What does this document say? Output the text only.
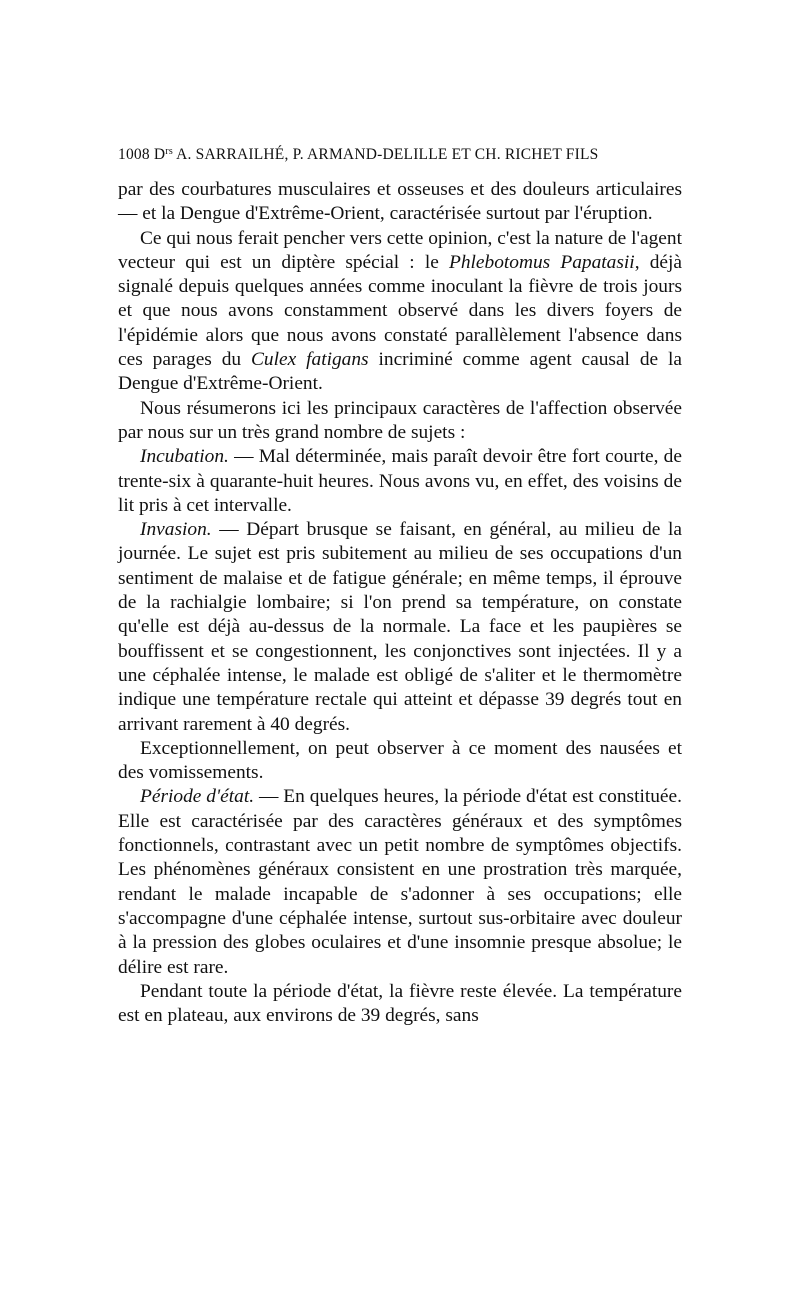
1008 $D^{rs}$ A. SARRAILHÉ, P. ARMAND-DELILLE ET CH. RICHET FILS

par des courbatures musculaires et osseuses et des douleurs articulaires — et la Dengue d'Extrême-Orient, caractérisée surtout par l'éruption.

Ce qui nous ferait pencher vers cette opinion, c'est la nature de l'agent vecteur qui est un diptère spécial : le Phlebotomus Papatasii, déjà signalé depuis quelques années comme inoculant la fièvre de trois jours et que nous avons constamment observé dans les divers foyers de l'épidémie alors que nous avons constaté parallèlement l'absence dans ces parages du Culex fatigans incriminé comme agent causal de la Dengue d'Extrême-Orient.

Nous résumerons ici les principaux caractères de l'affection observée par nous sur un très grand nombre de sujets :

Incubation. — Mal déterminée, mais paraît devoir être fort courte, de trente-six à quarante-huit heures. Nous avons vu, en effet, des voisins de lit pris à cet intervalle.

Invasion. — Départ brusque se faisant, en général, au milieu de la journée. Le sujet est pris subitement au milieu de ses occupations d'un sentiment de malaise et de fatigue générale; en même temps, il éprouve de la rachialgie lombaire; si l'on prend sa température, on constate qu'elle est déjà au-dessus de la normale. La face et les paupières se bouffissent et se congestionnent, les conjonctives sont injectées. Il y a une céphalée intense, le malade est obligé de s'aliter et le thermomètre indique une température rectale qui atteint et dépasse 39 degrés tout en arrivant rarement à 40 degrés.

Exceptionnellement, on peut observer à ce moment des nausées et des vomissements.

Période d'état. — En quelques heures, la période d'état est constituée. Elle est caractérisée par des caractères généraux et des symptômes fonctionnels, contrastant avec un petit nombre de symptômes objectifs. Les phénomènes généraux consistent en une prostration très marquée, rendant le malade incapable de s'adonner à ses occupations; elle s'accompagne d'une céphalée intense, surtout sus-orbitaire avec douleur à la pression des globes oculaires et d'une insomnie presque absolue; le délire est rare.

Pendant toute la période d'état, la fièvre reste élevée. La température est en plateau, aux environs de 39 degrés, sans
